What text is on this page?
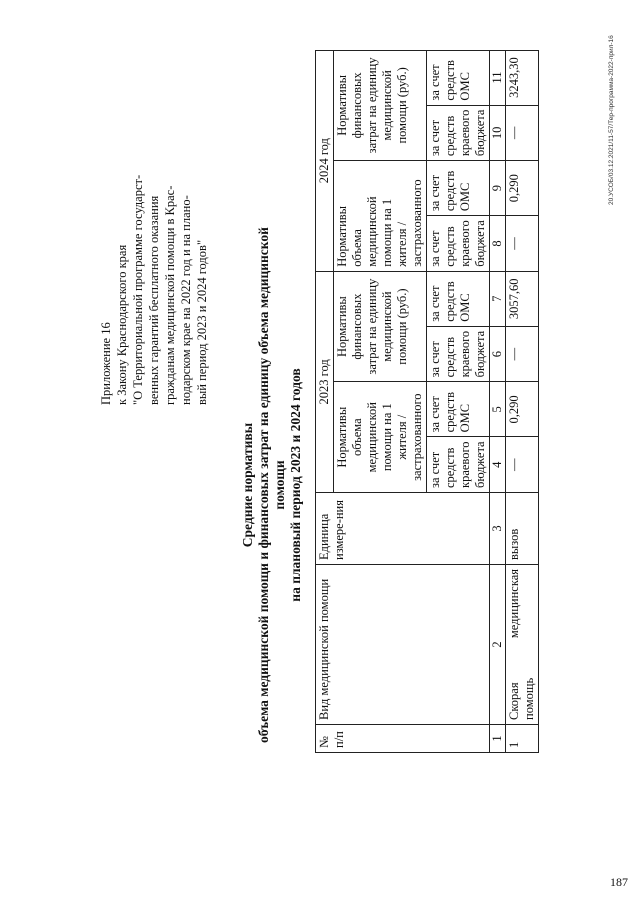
Приложение 16 к Закону Краснодарского края "О Территориальной программе государст- венных гарантий бесплатного оказания гражданам медицинской помощи в Крас- нодарском крае на 2022 год и на плано- вый период 2023 и 2024 годов"
Средние нормативы объема медицинской помощи и финансовых затрат на единицу объема медицинской помощи на плановый период 2023 и 2024 годов
№ п/п	Вид медицинской помощи	Единица измере-ния	2023 год				2024 год			
			Нормативы объема медицинской помощи на 1 жителя / застрахованного		Нормативы финансовых затрат на единицу медицинской помощи (руб.)		Нормативы объема медицинской помощи на 1 жителя / застрахованного		Нормативы финансовых затрат на единицу медицинской помощи (руб.)	
			за счет средств краевого бюджета	за счет средств ОМС	за счет средств краевого бюджета	за счет средств ОМС	за счет средств краевого бюджета	за счет средств ОМС	за счет средств краевого бюджета	за счет средств ОМС
1	2	3	4	5	6	7	8	9	10	11
1	Скорая медицинская помощь	вызов	—	0,290	—	3057,60	—	0,290	—	3243,30	20.УСОБ/03.12.2021/11-57/Тер-программа-2022-прил-16
187
